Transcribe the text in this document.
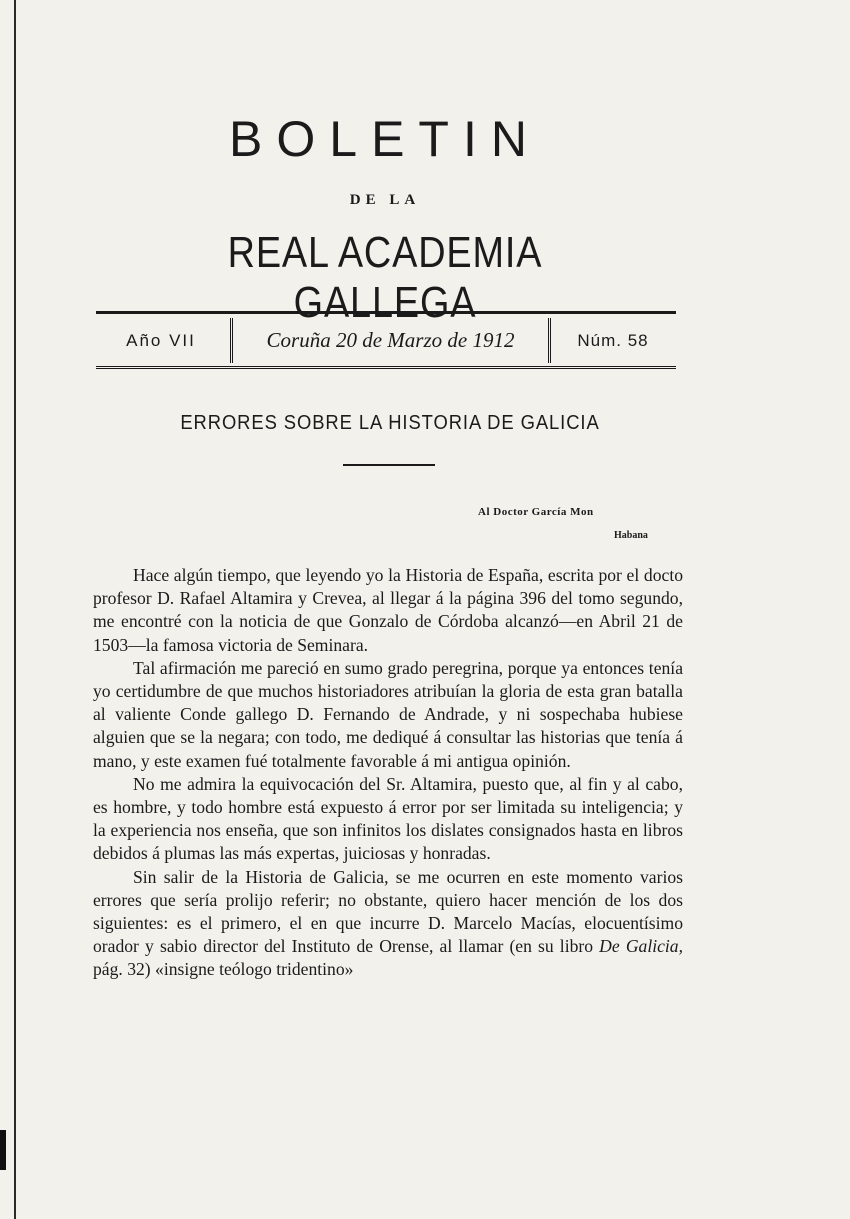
BOLETIN
DE LA
REAL ACADEMIA GALLEGA
Año VII	Coruña 20 de Marzo de 1912	Núm. 58
ERRORES SOBRE LA HISTORIA DE GALICIA
Al Doctor García Mon
Habana

Hace algún tiempo, que leyendo yo la Historia de España, escrita por el docto profesor D. Rafael Altamira y Crevea, al llegar á la página 396 del tomo segundo, me encontré con la noticia de que Gonzalo de Córdoba alcanzó—en Abril 21 de 1503—la famosa victoria de Seminara.

Tal afirmación me pareció en sumo grado peregrina, porque ya entonces tenía yo certidumbre de que muchos historiadores atribuían la gloria de esta gran batalla al valiente Conde gallego D. Fernando de Andrade, y ni sospechaba hubiese alguien que se la negara; con todo, me dediqué á consultar las historias que tenía á mano, y este examen fué totalmente favorable á mi antigua opinión.

No me admira la equivocación del Sr. Altamira, puesto que, al fin y al cabo, es hombre, y todo hombre está expuesto á error por ser limitada su inteligencia; y la experiencia nos enseña, que son infinitos los dislates consignados hasta en libros debidos á plumas las más expertas, juiciosas y honradas.

Sin salir de la Historia de Galicia, se me ocurren en este momento varios errores que sería prolijo referir; no obstante, quiero hacer mención de los dos siguientes: es el primero, el en que incurre D. Marcelo Macías, elocuentísimo orador y sabio director del Instituto de Orense, al llamar (en su libro De Galicia, pág. 32) «insigne teólogo tridentino»
